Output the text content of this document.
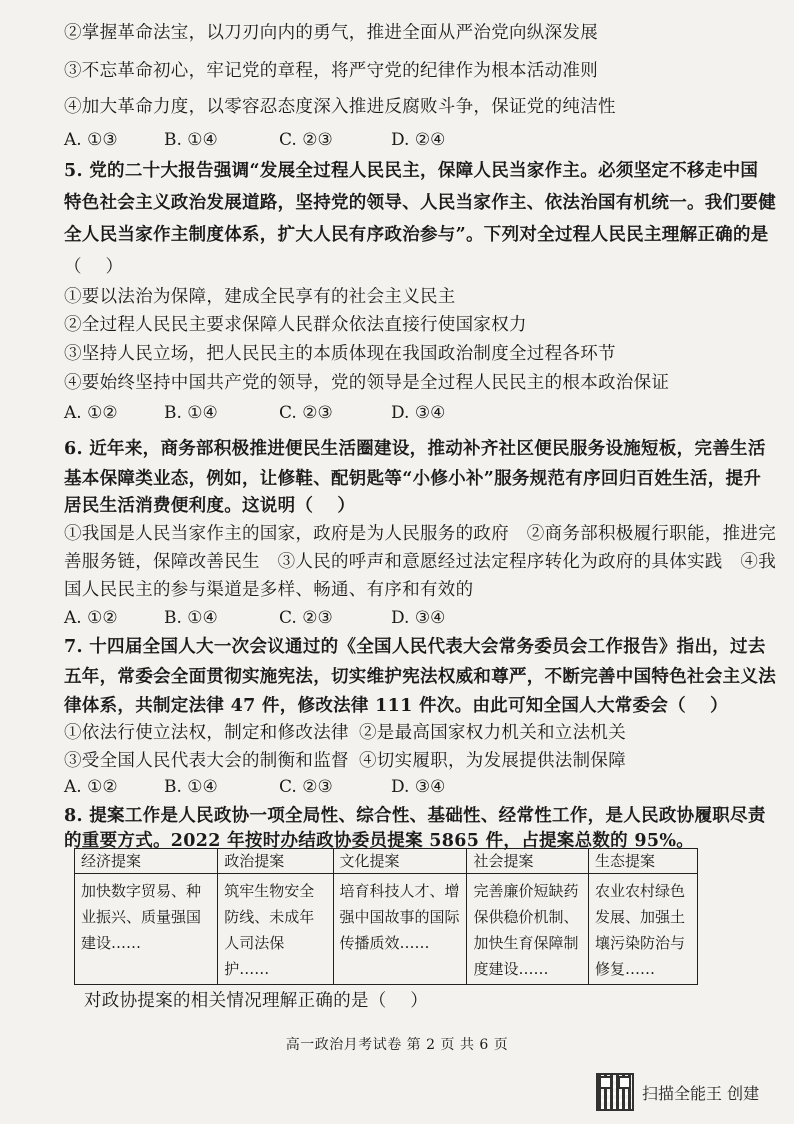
②掌握革命法宝，以刀刃向内的勇气，推进全面从严治党向纵深发展
③不忘革命初心，牢记党的章程，将严守党的纪律作为根本活动准则
④加大革命力度，以零容忍态度深入推进反腐败斗争，保证党的纯洁性
A. ①③	B. ①④	C. ②③	D. ②④
5. 党的二十大报告强调“发展全过程人民民主，保障人民当家作主。必须坚定不移走中国
特色社会主义政治发展道路，坚持党的领导、人民当家作主、依法治国有机统一。我们要健
全人民当家作主制度体系，扩大人民有序政治参与”。下列对全过程人民民主理解正确的是
（　 ）
①要以法治为保障，建成全民享有的社会主义民主
②全过程人民民主要求保障人民群众依法直接行使国家权力
③坚持人民立场，把人民民主的本质体现在我国政治制度全过程各环节
④要始终坚持中国共产党的领导，党的领导是全过程人民民主的根本政治保证
A. ①②	B. ①④	C. ②③	D. ③④
6. 近年来，商务部积极推进便民生活圈建设，推动补齐社区便民服务设施短板，完善生活
基本保障类业态，例如，让修鞋、配钥匙等“小修小补”服务规范有序回归百姓生活，提升
居民生活消费便利度。这说明（　 ）
①我国是人民当家作主的国家，政府是为人民服务的政府　②商务部积极履行职能，推进完
善服务链，保障改善民生　③人民的呼声和意愿经过法定程序转化为政府的具体实践　④我
国人民民主的参与渠道是多样、畅通、有序和有效的
A. ①②	B. ①④	C. ②③	D. ③④
7. 十四届全国人大一次会议通过的《全国人民代表大会常务委员会工作报告》指出，过去
五年，常委会全面贯彻实施宪法，切实维护宪法权威和尊严，不断完善中国特色社会主义法
律体系，共制定法律 47 件，修改法律 111 件次。由此可知全国人大常委会（　 ）
①依法行使立法权，制定和修改法律 ②是最高国家权力机关和立法机关
③受全国人民代表大会的制衡和监督 ④切实履职，为发展提供法制保障
A. ①②	B. ①④	C. ②③	D. ③④
8. 提案工作是人民政协一项全局性、综合性、基础性、经常性工作，是人民政协履职尽责
的重要方式。2022 年按时办结政协委员提案 5865 件，占提案总数的 95%。
经济提案	政治提案	文化提案	社会提案	生态提案
加快数字贸易、种业振兴、质量强国建设……	筑牢生物安全防线、未成年人司法保护……	培育科技人才、增强中国故事的国际传播质效……	完善廉价短缺药保供稳价机制、加快生育保障制度建设……	农业农村绿色发展、加强土壤污染防治与修复……
对政协提案的相关情况理解正确的是（　 ）
高一政治月考试卷 第 2 页 共 6 页
扫描全能王 创建
